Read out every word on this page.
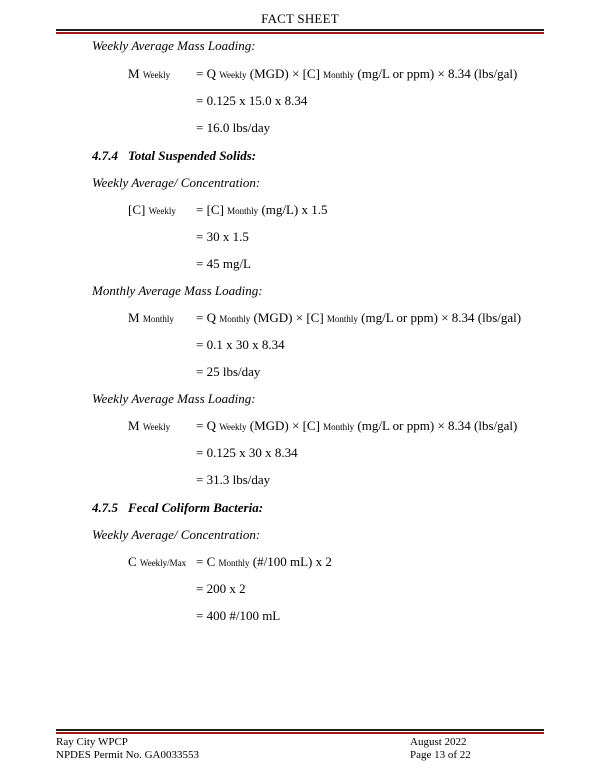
FACT SHEET
Weekly Average Mass Loading:
M Weekly = Q Weekly (MGD) × [C] Monthly (mg/L or ppm) × 8.34 (lbs/gal)
= 0.125 x 15.0 x 8.34
= 16.0 lbs/day
4.7.4 Total Suspended Solids:
Weekly Average/ Concentration:
[C] Weekly = [C] Monthly (mg/L) x 1.5
= 30 x 1.5
= 45 mg/L
Monthly Average Mass Loading:
M Monthly = Q Monthly (MGD) × [C] Monthly (mg/L or ppm) × 8.34 (lbs/gal)
= 0.1 x 30 x 8.34
= 25 lbs/day
Weekly Average Mass Loading:
M Weekly = Q Weekly (MGD) × [C] Monthly (mg/L or ppm) × 8.34 (lbs/gal)
= 0.125 x 30 x 8.34
= 31.3 lbs/day
4.7.5 Fecal Coliform Bacteria:
Weekly Average/ Concentration:
C Weekly/Max = C Monthly (#/100 mL) x 2
= 200 x 2
= 400 #/100 mL
Ray City WPCP
NPDES Permit No. GA0033553
August 2022
Page 13 of 22
